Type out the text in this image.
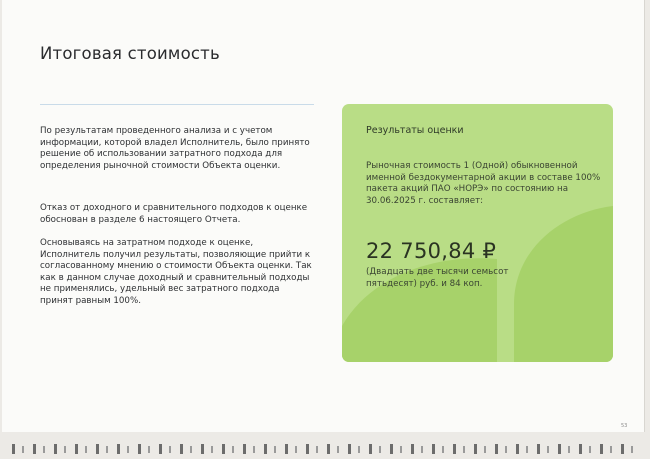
Итоговая стоимость

По результатам проведенного анализа и с учетом информации, которой владел Исполнитель, было принято решение об использовании затратного подхода для определения рыночной стоимости Объекта оценки.

Отказ от доходного и сравнительного подходов к оценке обоснован в разделе 6 настоящего Отчета.

Основываясь на затратном подходе к оценке, Исполнитель получил результаты, позволяющие прийти к согласованному мнению о стоимости Объекта оценки. Так как в данном случае доходный и сравнительный подходы не применялись, удельный вес затратного подхода принят равным 100%.

Результаты оценки
Рыночная стоимость 1 (Одной) обыкновенной именной бездокументарной акции в составе 100% пакета акций ПАО «НОРЭ» по состоянию на 30.06.2025 г. составляет:
22 750,84 ₽
(Двадцать две тысячи семьсот пятьдесят) руб. и 84 коп.
53
